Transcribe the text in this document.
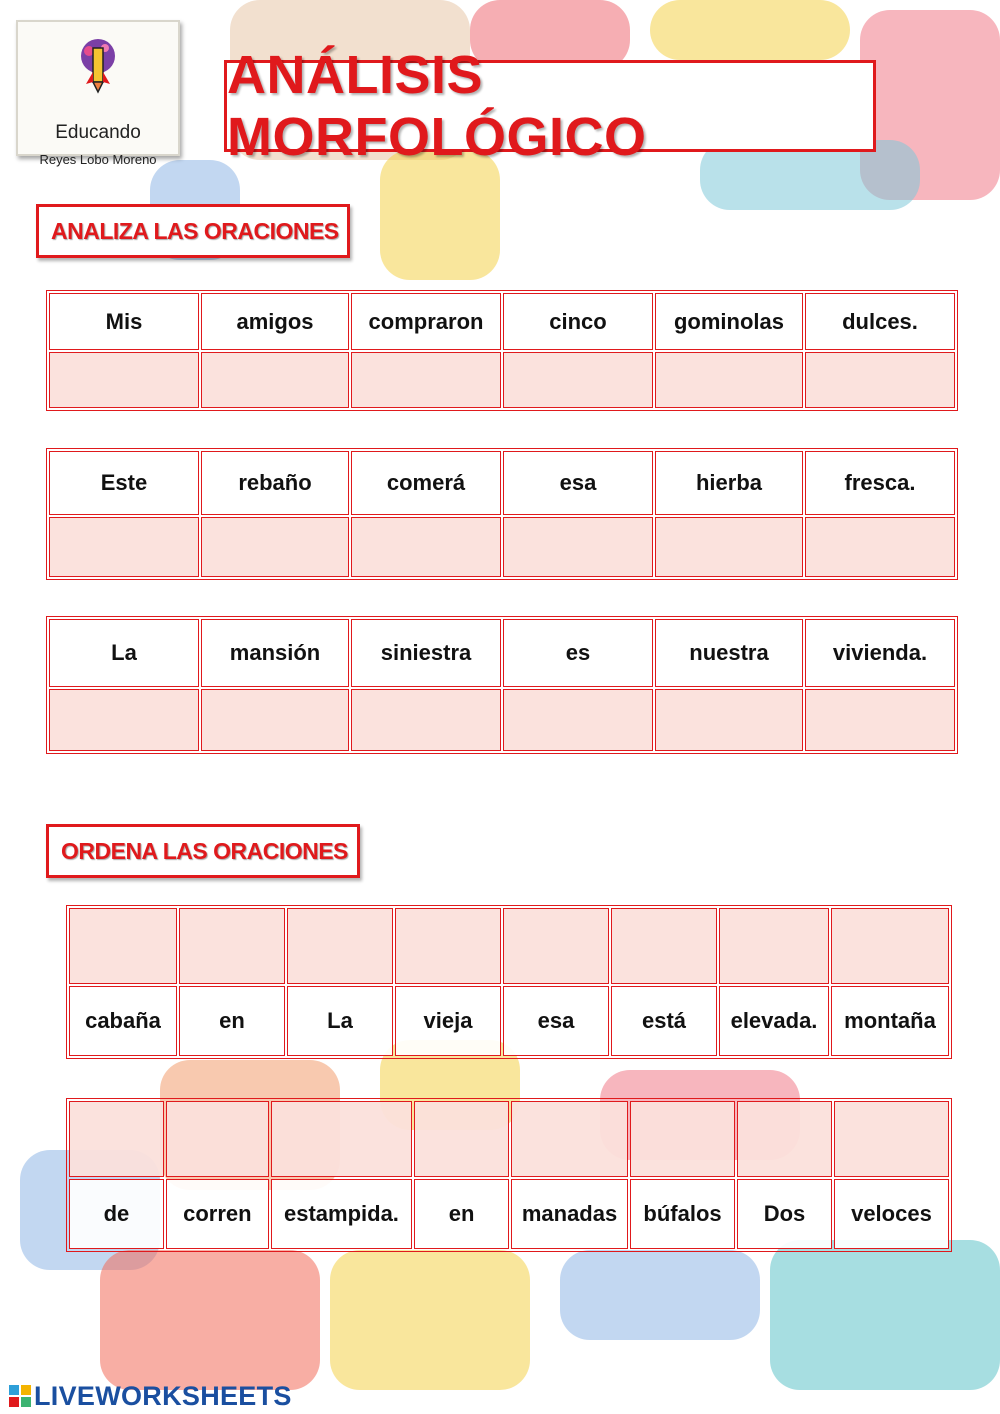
Educando
Reyes Lobo Moreno
ANÁLISIS MORFOLÓGICO
ANALIZA LAS ORACIONES
Mis	amigos	compraron	cinco	gominolas	dulces.

Este	rebaño	comerá	esa	hierba	fresca.

La	mansión	siniestra	es	nuestra	vivienda.

ORDENA LAS ORACIONES

cabaña	en	La	vieja	esa	está	elevada.	montaña

de	corren	estampida.	en	manadas	búfalos	Dos	veloces
LIVEWORKSHEETS
